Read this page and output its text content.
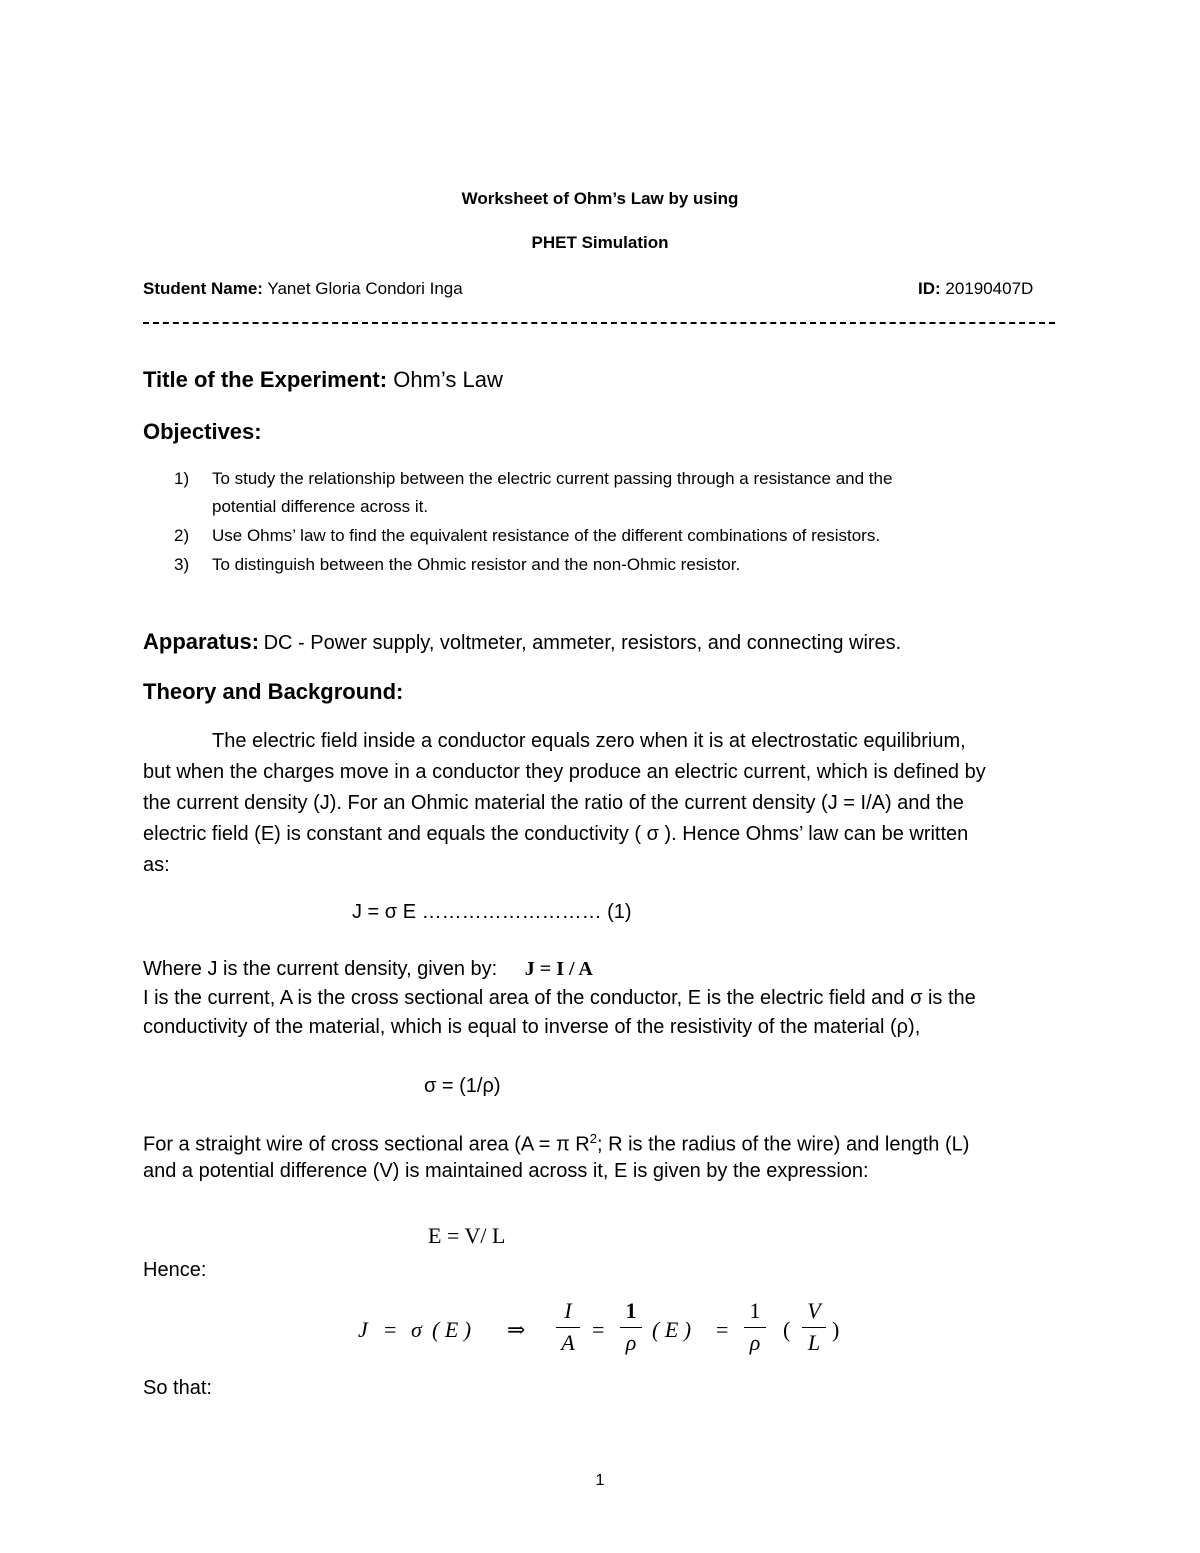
Worksheet of Ohm’s Law by using
PHET Simulation
Student Name: Yanet Gloria Condori Inga	ID: 20190407D
Title of the Experiment: Ohm’s Law
Objectives:
1) To study the relationship between the electric current passing through a resistance and the
potential difference across it.
2) Use Ohms’ law to find the equivalent resistance of the different combinations of resistors.
3) To distinguish between the Ohmic resistor and the non-Ohmic resistor.
Apparatus: DC - Power supply, voltmeter, ammeter, resistors, and connecting wires.
Theory and Background:
The electric field inside a conductor equals zero when it is at electrostatic equilibrium,
but when the charges move in a conductor they produce an electric current, which is defined by
the current density (J). For an Ohmic material the ratio of the current density (J = I/A) and the
electric field (E) is constant and equals the conductivity ( σ ). Hence Ohms’ law can be written
as:
J = σ E ……………………… (1)
Where J is the current density, given by: J = I / A
I is the current, A is the cross sectional area of the conductor, E is the electric field and σ is the
conductivity of the material, which is equal to inverse of the resistivity of the material (ρ),
σ = (1/ρ)
For a straight wire of cross sectional area (A = π $R^2$; R is the radius of the wire) and length (L)
and a potential difference (V) is maintained across it, E is given by the expression:
E = V/ L
Hence:
J = σ ( E ) ⇒
I
A
=
1
ρ
( E ) =
1
ρ
(
V
L
)
So that:
1
